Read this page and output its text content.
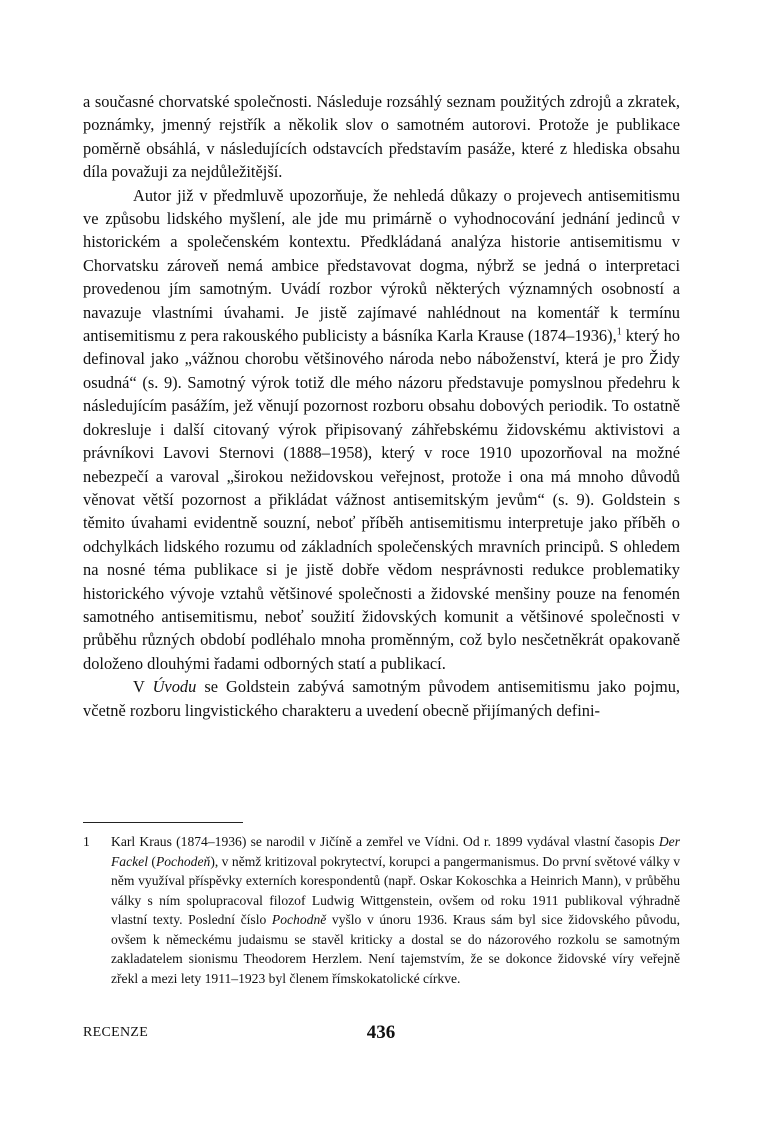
a současné chorvatské společnosti. Následuje rozsáhlý seznam použitých zdrojů a zkratek, poznámky, jmenný rejstřík a několik slov o samotném autorovi. Protože je publikace poměrně obsáhlá, v následujících odstavcích představím pasáže, které z hlediska obsahu díla považuji za nejdůležitější.

Autor již v předmluvě upozorňuje, že nehledá důkazy o projevech antisemitismu ve způsobu lidského myšlení, ale jde mu primárně o vyhodnocování jednání jedinců v historickém a společenském kontextu. Předkládaná analýza historie antisemitismu v Chorvatsku zároveň nemá ambice představovat dogma, nýbrž se jedná o interpretaci provedenou jím samotným. Uvádí rozbor výroků některých významných osobností a navazuje vlastními úvahami. Je jistě zajímavé nahlédnout na komentář k termínu antisemitismu z pera rakouského publicisty a básníka Karla Krause (1874–1936),$^1$ který ho definoval jako „vážnou chorobu většinového národa nebo náboženství, která je pro Židy osudná“ (s. 9). Samotný výrok totiž dle mého názoru představuje pomyslnou předehru k následujícím pasážím, jež věnují pozornost rozboru obsahu dobových periodik. To ostatně dokresluje i další citovaný výrok připisovaný záhřebskému židovskému aktivistovi a právníkovi Lavovi Sternovi (1888–1958), který v roce 1910 upozorňoval na možné nebezpečí a varoval „širokou nežidovskou veřejnost, protože i ona má mnoho důvodů věnovat větší pozornost a přikládat vážnost antisemitským jevům“ (s. 9). Goldstein s těmito úvahami evidentně souzní, neboť příběh antisemitismu interpretuje jako příběh o odchylkách lidského rozumu od základních společenských mravních principů. S ohledem na nosné téma publikace si je jistě dobře vědom nesprávnosti redukce problematiky historického vývoje vztahů většinové společnosti a židovské menšiny pouze na fenomén samotného antisemitismu, neboť soužití židovských komunit a většinové společnosti v průběhu různých období podléhalo mnoha proměnným, což bylo nesčetněkrát opakovaně doloženo dlouhými řadami odborných statí a publikací.

V Úvodu se Goldstein zabývá samotným původem antisemitismu jako pojmu, včetně rozboru lingvistického charakteru a uvedení obecně přijímaných defini-

1	Karl Kraus (1874–1936) se narodil v Jičíně a zemřel ve Vídni. Od r. 1899 vydával vlastní časopis Der Fackel (Pochodeň), v němž kritizoval pokrytectví, korupci a pangermanismus. Do první světové války v něm využíval příspěvky externích korespondentů (např. Oskar Kokoschka a Heinrich Mann), v průběhu války s ním spolupracoval filozof Ludwig Wittgenstein, ovšem od roku 1911 publikoval výhradně vlastní texty. Poslední číslo Pochodně vyšlo v únoru 1936. Kraus sám byl sice židovského původu, ovšem k německému judaismu se stavěl kriticky a dostal se do názorového rozkolu se samotným zakladatelem sionismu Theodorem Herzlem. Není tajemstvím, že se dokonce židovské víry veřejně zřekl a mezi lety 1911–1923 byl členem římskokatolické církve.
RECENZE	436
